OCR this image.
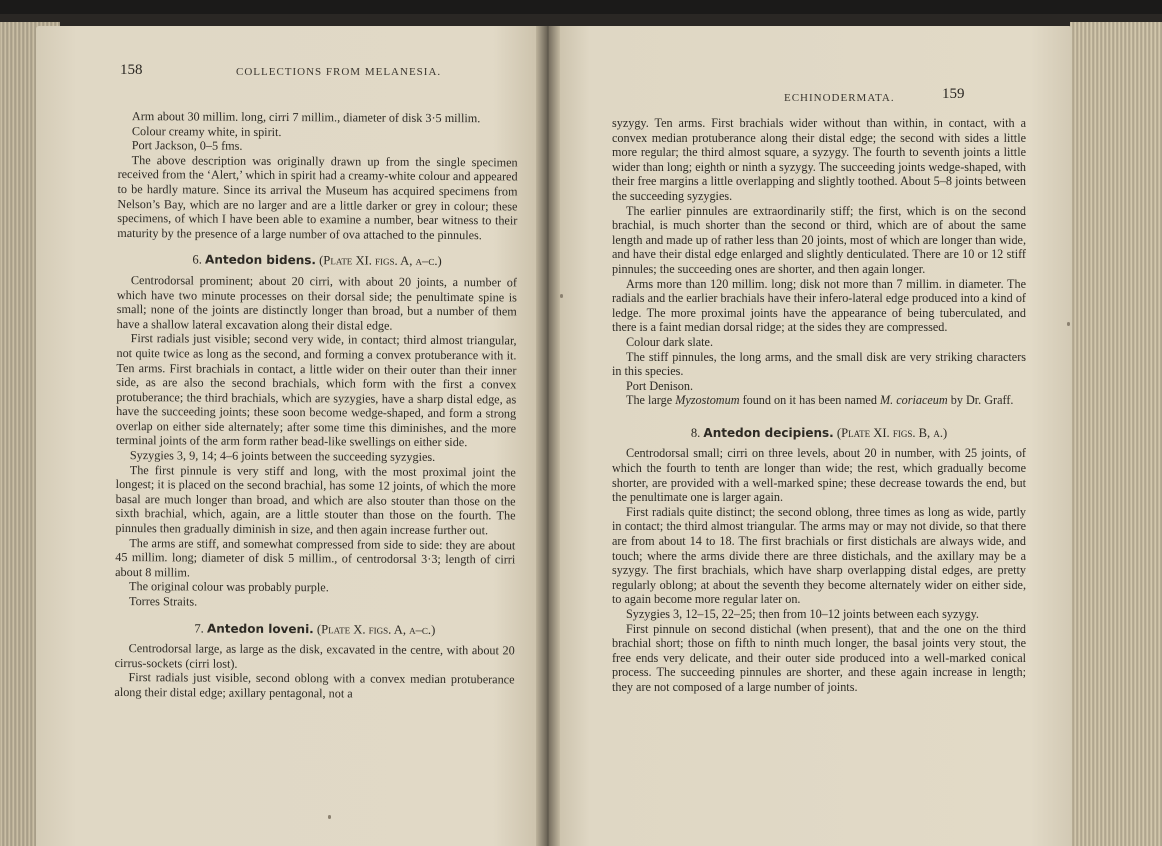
158	COLLECTIONS FROM MELANESIA.
159
ECHINODERMATA.

Arm about 30 millim. long, cirri 7 millim., diameter of disk 3·5 millim.

Colour creamy white, in spirit.

Port Jackson, 0–5 fms.

The above description was originally drawn up from the single specimen received from the ‘Alert,’ which in spirit had a creamy-white colour and appeared to be hardly mature. Since its arrival the Museum has acquired specimens from Nelson’s Bay, which are no larger and are a little darker or grey in colour; these specimens, of which I have been able to examine a number, bear witness to their maturity by the presence of a large number of ova attached to the pinnules.

6. Antedon bidens. (Plate XI. figs. A, a–c.)

Centrodorsal prominent; about 20 cirri, with about 20 joints, a number of which have two minute processes on their dorsal side; the penultimate spine is small; none of the joints are distinctly longer than broad, but a number of them have a shallow lateral excavation along their distal edge.

First radials just visible; second very wide, in contact; third almost triangular, not quite twice as long as the second, and forming a convex protuberance with it. Ten arms. First brachials in contact, a little wider on their outer than their inner side, as are also the second brachials, which form with the first a convex protuberance; the third brachials, which are syzygies, have a sharp distal edge, as have the succeeding joints; these soon become wedge-shaped, and form a strong overlap on either side alternately; after some time this diminishes, and the more terminal joints of the arm form rather bead-like swellings on either side.

Syzygies 3, 9, 14; 4–6 joints between the succeeding syzygies.

The first pinnule is very stiff and long, with the most proximal joint the longest; it is placed on the second brachial, has some 12 joints, of which the more basal are much longer than broad, and which are also stouter than those on the sixth brachial, which, again, are a little stouter than those on the fourth. The pinnules then gradually diminish in size, and then again increase further out.

The arms are stiff, and somewhat compressed from side to side: they are about 45 millim. long; diameter of disk 5 millim., of centrodorsal 3·3; length of cirri about 8 millim.

The original colour was probably purple.

Torres Straits.

7. Antedon loveni. (Plate X. figs. A, a–c.)

Centrodorsal large, as large as the disk, excavated in the centre, with about 20 cirrus-sockets (cirri lost).

First radials just visible, second oblong with a convex median protuberance along their distal edge; axillary pentagonal, not a

syzygy. Ten arms. First brachials wider without than within, in contact, with a convex median protuberance along their distal edge; the second with sides a little more regular; the third almost square, a syzygy. The fourth to seventh joints a little wider than long; eighth or ninth a syzygy. The succeeding joints wedge-shaped, with their free margins a little overlapping and slightly toothed. About 5–8 joints between the succeeding syzygies.

The earlier pinnules are extraordinarily stiff; the first, which is on the second brachial, is much shorter than the second or third, which are of about the same length and made up of rather less than 20 joints, most of which are longer than wide, and have their distal edge enlarged and slightly denticulated. There are 10 or 12 stiff pinnules; the succeeding ones are shorter, and then again longer.

Arms more than 120 millim. long; disk not more than 7 millim. in diameter. The radials and the earlier brachials have their infero-lateral edge produced into a kind of ledge. The more proximal joints have the appearance of being tuberculated, and there is a faint median dorsal ridge; at the sides they are compressed.

Colour dark slate.

The stiff pinnules, the long arms, and the small disk are very striking characters in this species.

Port Denison.

The large Myzostomum found on it has been named M. coriaceum by Dr. Graff.

8. Antedon decipiens. (Plate XI. figs. B, a.)

Centrodorsal small; cirri on three levels, about 20 in number, with 25 joints, of which the fourth to tenth are longer than wide; the rest, which gradually become shorter, are provided with a well-marked spine; these decrease towards the end, but the penultimate one is larger again.

First radials quite distinct; the second oblong, three times as long as wide, partly in contact; the third almost triangular. The arms may or may not divide, so that there are from about 14 to 18. The first brachials or first distichals are always wide, and touch; where the arms divide there are three distichals, and the axillary may be a syzygy. The first brachials, which have sharp overlapping distal edges, are pretty regularly oblong; at about the seventh they become alternately wider on either side, to again become more regular later on.

Syzygies 3, 12–15, 22–25; then from 10–12 joints between each syzygy.

First pinnule on second distichal (when present), that and the one on the third brachial short; those on fifth to ninth much longer, the basal joints very stout, the free ends very delicate, and their outer side produced into a well-marked conical process. The succeeding pinnules are shorter, and these again increase in length; they are not composed of a large number of joints.
